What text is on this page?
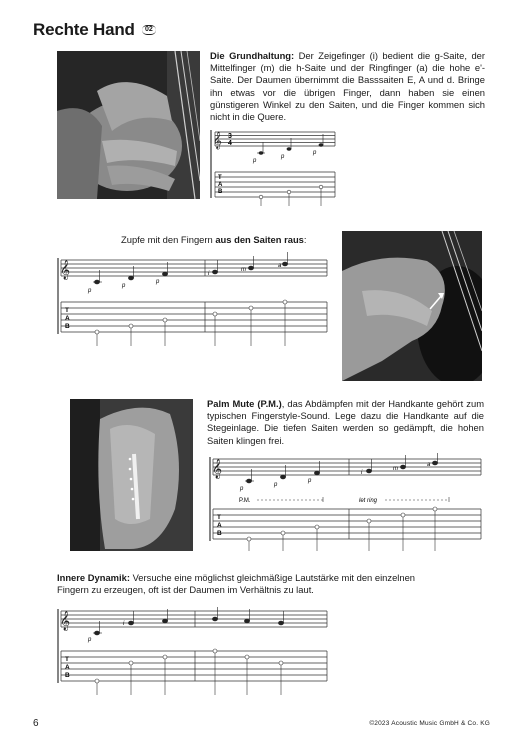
Rechte Hand	02
Die Grundhaltung: Der Zeigefinger (i) bedient die g-Saite, der Mittelfinger (m) die h-Saite und der Ringfinger (a) die hohe e'-Saite. Der Daumen übernimmt die Basssaiten E, A und d. Bringe ihn etwas vor die übrigen Finger, dann haben sie einen günstigeren Winkel zu den Saiten, und die Finger kommen sich nicht in die Quere.
𝄞 3
4
p
p
p
T
A
B
Zupfe mit den Fingern aus den Saiten raus:
𝄞
p
p
p
i
m
a
T
A
B
Palm Mute (P.M.), das Abdämpfen mit der Handkante gehört zum typischen Fingerstyle-Sound. Lege dazu die Handkante auf die Stegeinlage. Die tiefen Saiten werden so gedämpft, die hohen Saiten klingen frei.
𝄞
p
p
p
i
m
a
P.M.	let ring
T
A
B
Innere Dynamik: Versuche eine möglichst gleichmäßige Lautstärke mit den einzelnen Fingern zu erzeugen, oft ist der Daumen im Verhältnis zu laut.
𝄞
p
i
T
A
B
6	©2023 Acoustic Music GmbH & Co. KG
